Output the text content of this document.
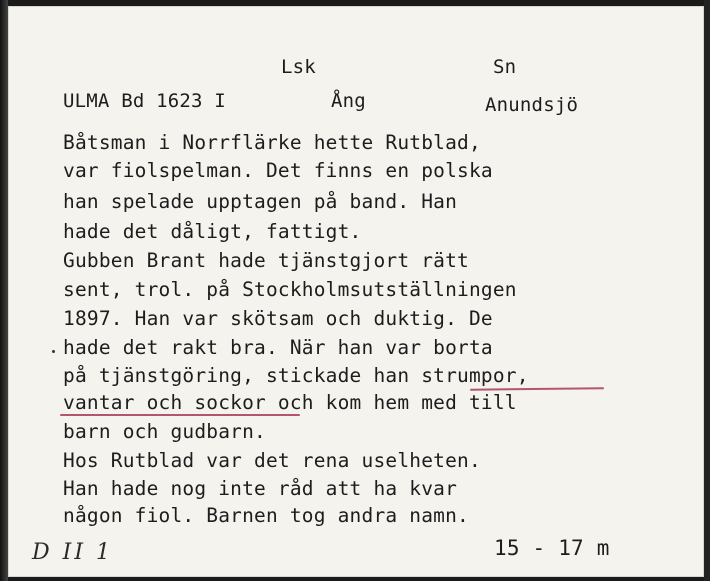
Lsk	Sn
ULMA Bd 1623 I	Ång	Anundsjö
Båtsman i Norrflärke hette Rutblad,
var fiolspelman. Det finns en polska
han spelade upptagen på band. Han
hade det dåligt, fattigt.
Gubben Brant hade tjänstgjort rätt
sent, trol. på Stockholmsutställningen
1897. Han var skötsam och duktig. De
hade det rakt bra. När han var borta
på tjänstgöring, stickade han strumpor,
vantar och sockor och kom hem med till
barn och gudbarn.
Hos Rutblad var det rena uselheten.
Han hade nog inte råd att ha kvar
någon fiol. Barnen tog andra namn.
15 - 17 m
D II 1
